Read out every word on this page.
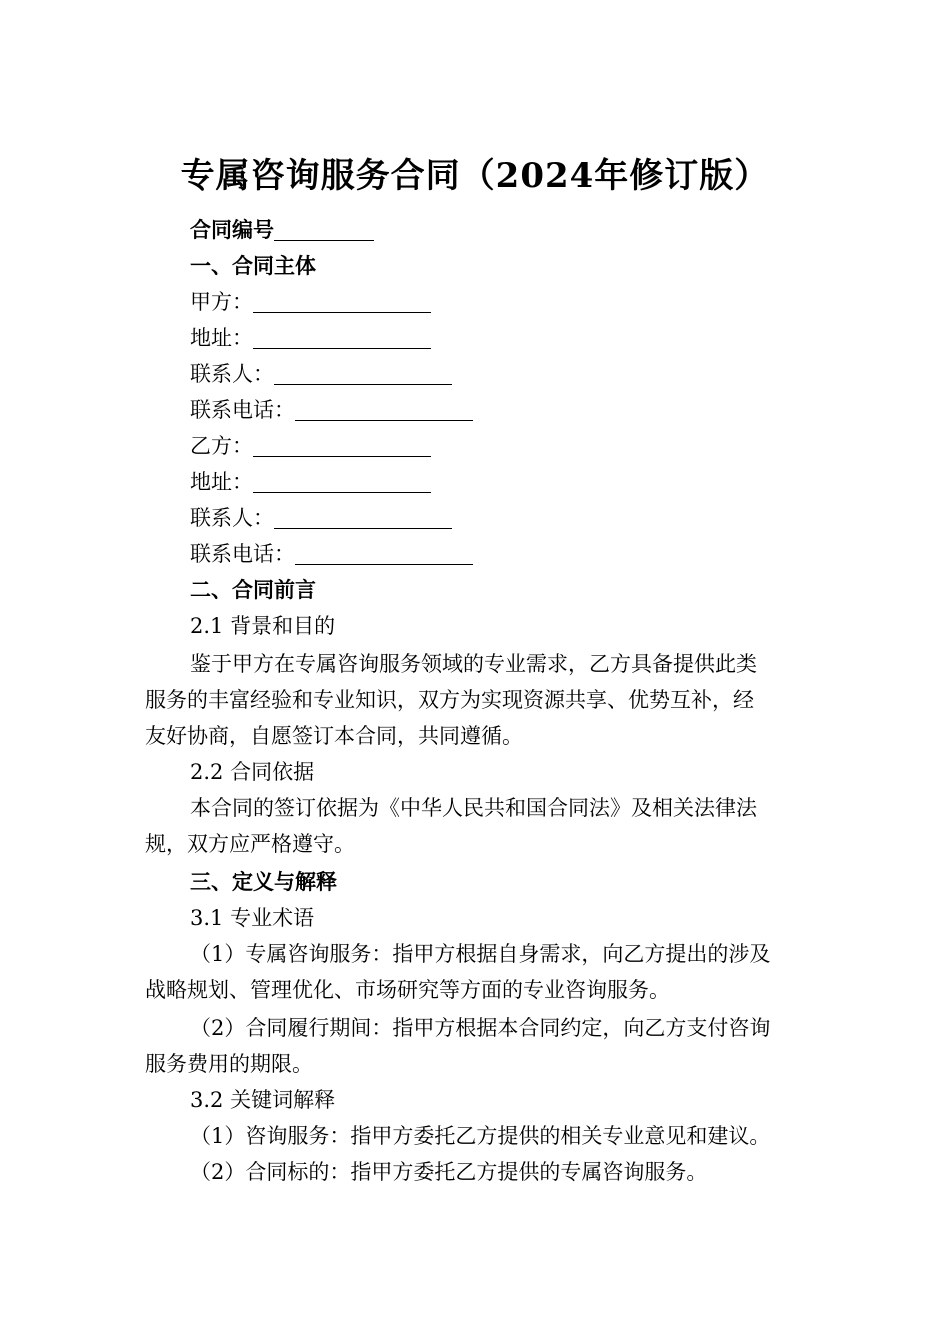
专属咨询服务合同（2024年修订版）
合同编号
一、合同主体
甲方：
地址：
联系人：
联系电话：
乙方：
地址：
联系人：
联系电话：
二、合同前言
2.1 背景和目的
鉴于甲方在专属咨询服务领域的专业需求，乙方具备提供此类
服务的丰富经验和专业知识，双方为实现资源共享、优势互补，经
友好协商，自愿签订本合同，共同遵循。
2.2 合同依据
本合同的签订依据为《中华人民共和国合同法》及相关法律法
规，双方应严格遵守。
三、定义与解释
3.1 专业术语
（1）专属咨询服务：指甲方根据自身需求，向乙方提出的涉及
战略规划、管理优化、市场研究等方面的专业咨询服务。
（2）合同履行期间：指甲方根据本合同约定，向乙方支付咨询
服务费用的期限。
3.2 关键词解释
（1）咨询服务：指甲方委托乙方提供的相关专业意见和建议。
（2）合同标的：指甲方委托乙方提供的专属咨询服务。
